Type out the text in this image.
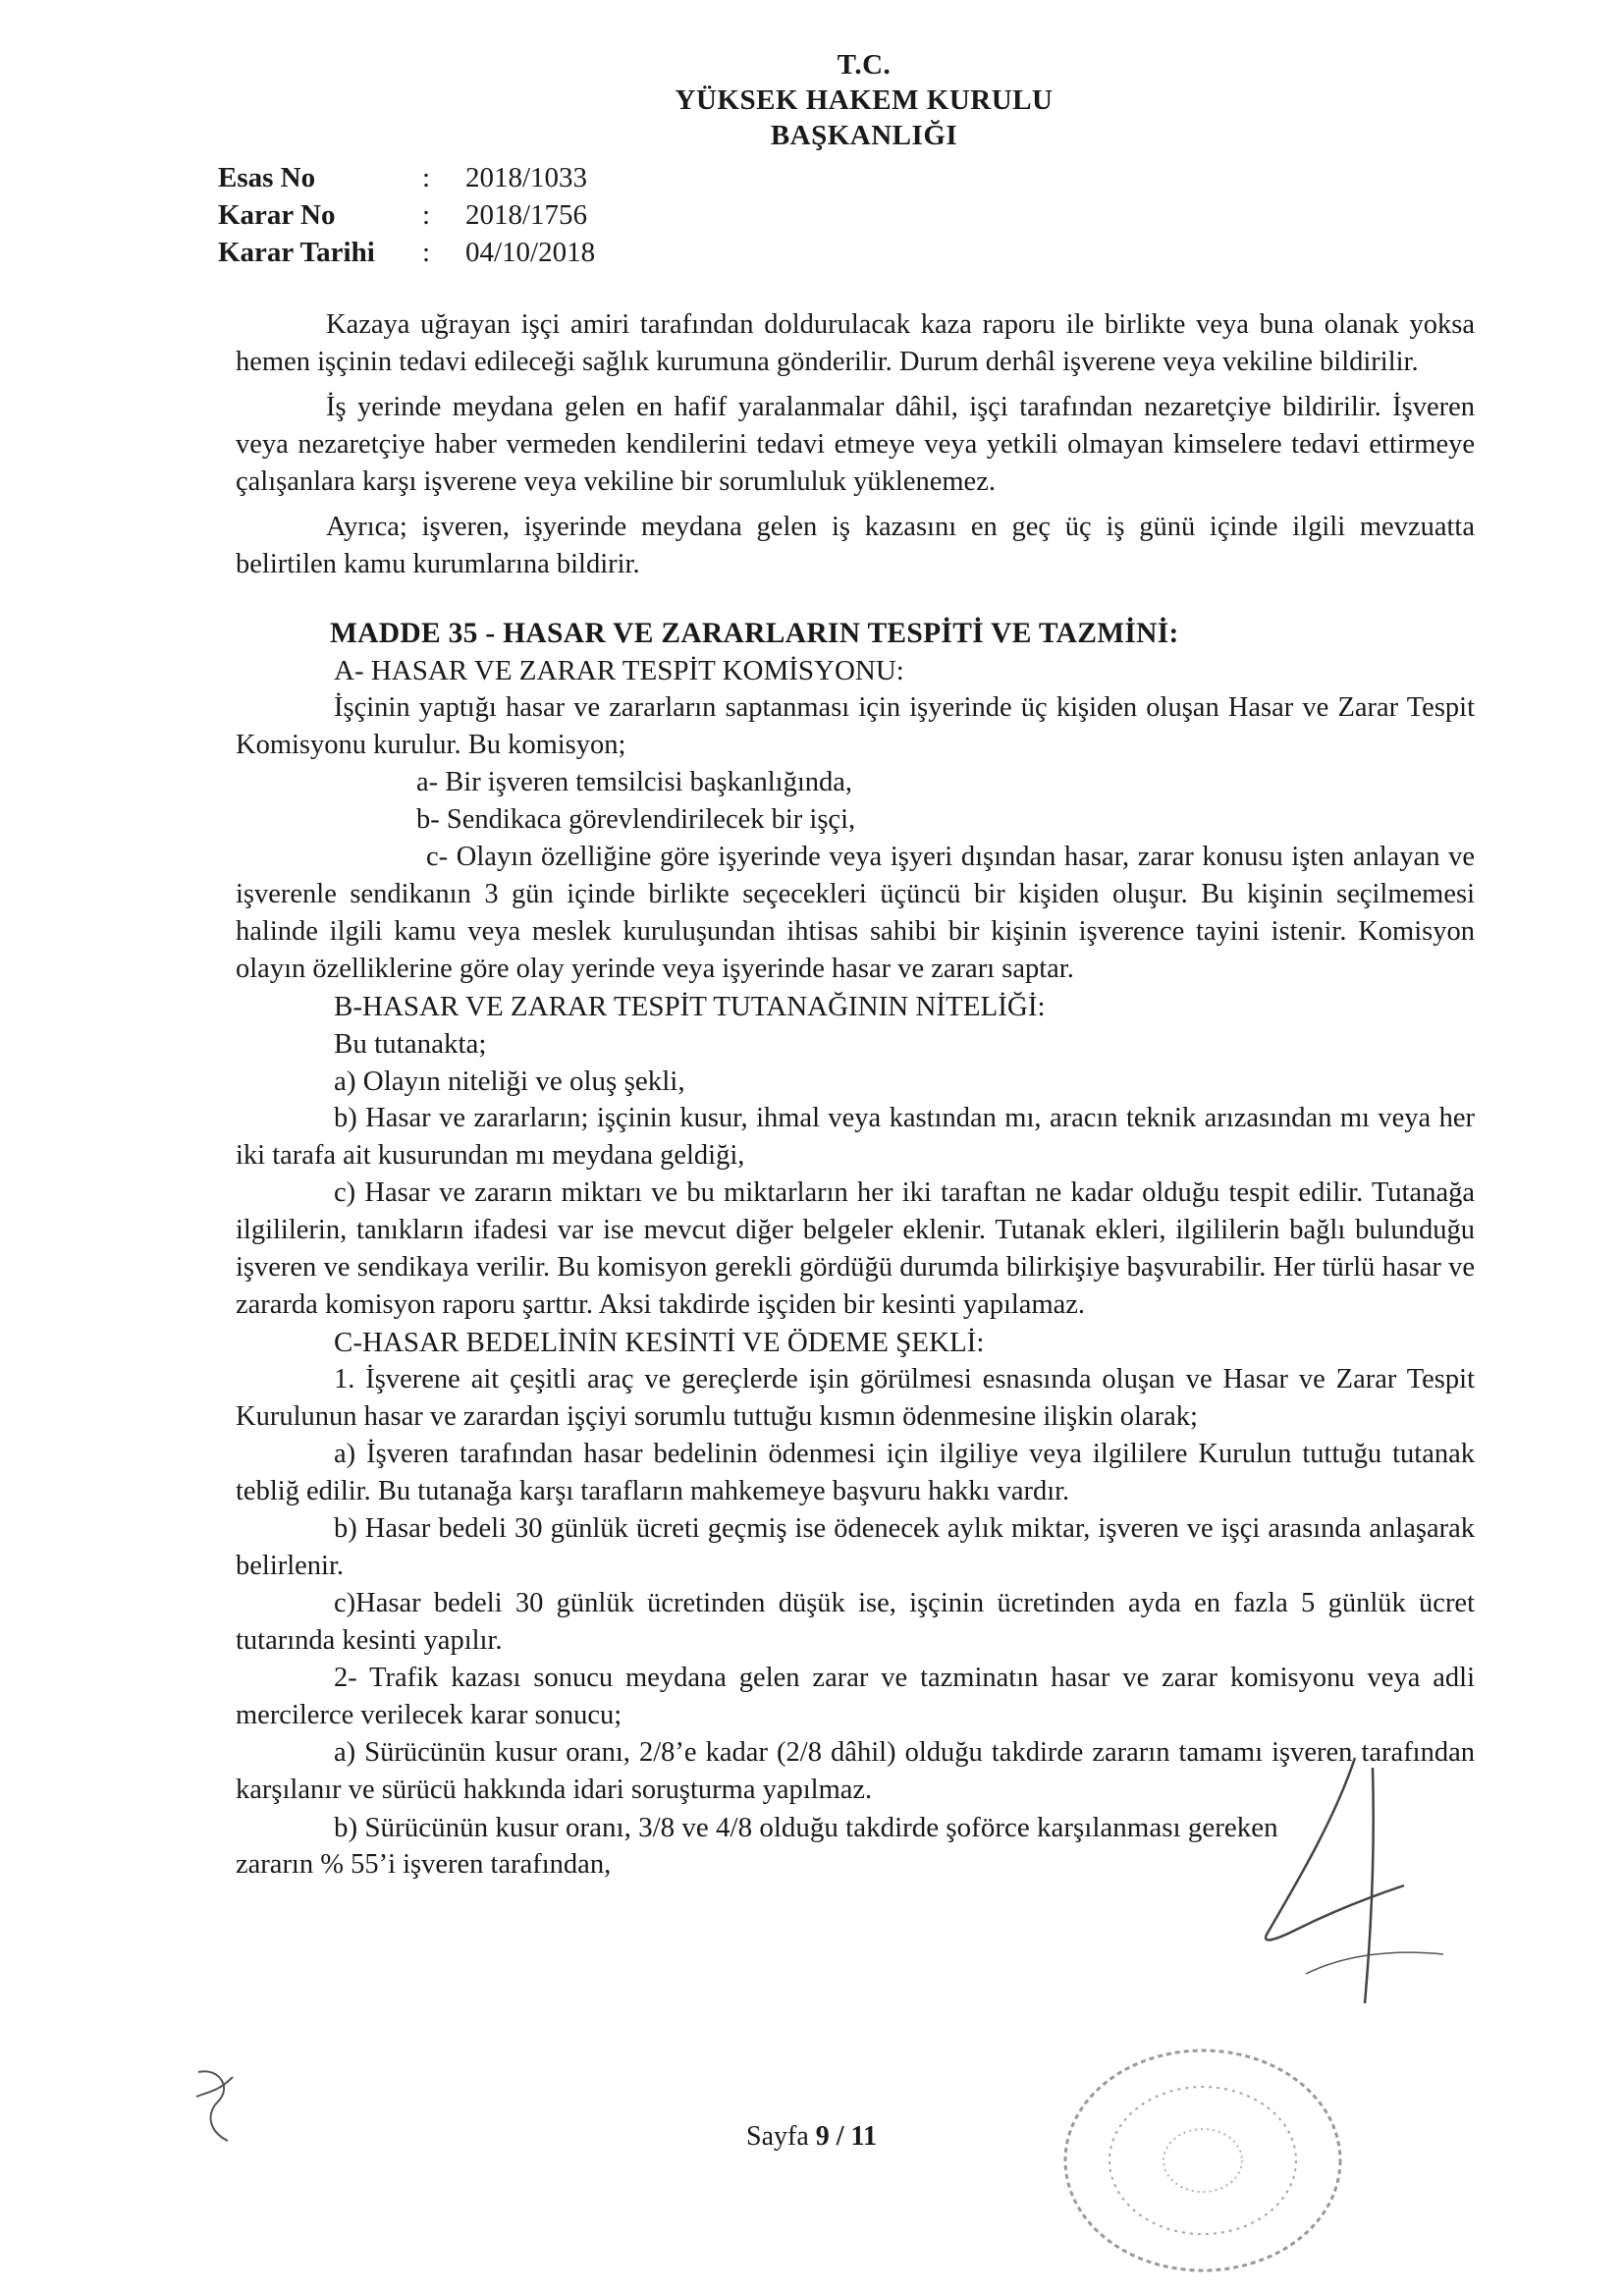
T.C.
YÜKSEK HAKEM KURULU
BAŞKANLIĞI
Esas No	:	2018/1033
Karar No	:	2018/1756
Karar Tarihi	:	04/10/2018

Kazaya uğrayan işçi amiri tarafından doldurulacak kaza raporu ile birlikte veya buna olanak yoksa hemen işçinin tedavi edileceği sağlık kurumuna gönderilir. Durum derhâl işverene veya vekiline bildirilir.

İş yerinde meydana gelen en hafif yaralanmalar dâhil, işçi tarafından nezaretçiye bildirilir. İşveren veya nezaretçiye haber vermeden kendilerini tedavi etmeye veya yetkili olmayan kimselere tedavi ettirmeye çalışanlara karşı işverene veya vekiline bir sorumluluk yüklenemez.

Ayrıca; işveren, işyerinde meydana gelen iş kazasını en geç üç iş günü içinde ilgili mevzuatta belirtilen kamu kurumlarına bildirir.

MADDE 35 - HASAR VE ZARARLARIN TESPİTİ VE TAZMİNİ:
A- HASAR VE ZARAR TESPİT KOMİSYONU:

İşçinin yaptığı hasar ve zararların saptanması için işyerinde üç kişiden oluşan Hasar ve Zarar Tespit Komisyonu kurulur. Bu komisyon;

a- Bir işveren temsilcisi başkanlığında,
b- Sendikaca görevlendirilecek bir işçi,

c- Olayın özelliğine göre işyerinde veya işyeri dışından hasar, zarar konusu işten anlayan ve işverenle sendikanın 3 gün içinde birlikte seçecekleri üçüncü bir kişiden oluşur. Bu kişinin seçilmemesi halinde ilgili kamu veya meslek kuruluşundan ihtisas sahibi bir kişinin işverence tayini istenir. Komisyon olayın özelliklerine göre olay yerinde veya işyerinde hasar ve zararı saptar.

B-HASAR VE ZARAR TESPİT TUTANAĞININ NİTELİĞİ:
Bu tutanakta;
a) Olayın niteliği ve oluş şekli,

b) Hasar ve zararların; işçinin kusur, ihmal veya kastından mı, aracın teknik arızasından mı veya her iki tarafa ait kusurundan mı meydana geldiği,

c) Hasar ve zararın miktarı ve bu miktarların her iki taraftan ne kadar olduğu tespit edilir. Tutanağa ilgililerin, tanıkların ifadesi var ise mevcut diğer belgeler eklenir. Tutanak ekleri, ilgililerin bağlı bulunduğu işveren ve sendikaya verilir. Bu komisyon gerekli gördüğü durumda bilirkişiye başvurabilir. Her türlü hasar ve zararda komisyon raporu şarttır. Aksi takdirde işçiden bir kesinti yapılamaz.

C-HASAR BEDELİNİN KESİNTİ VE ÖDEME ŞEKLİ:

1. İşverene ait çeşitli araç ve gereçlerde işin görülmesi esnasında oluşan ve Hasar ve Zarar Tespit Kurulunun hasar ve zarardan işçiyi sorumlu tuttuğu kısmın ödenmesine ilişkin olarak;

a) İşveren tarafından hasar bedelinin ödenmesi için ilgiliye veya ilgililere Kurulun tuttuğu tutanak tebliğ edilir. Bu tutanağa karşı tarafların mahkemeye başvuru hakkı vardır.

b) Hasar bedeli 30 günlük ücreti geçmiş ise ödenecek aylık miktar, işveren ve işçi arasında anlaşarak belirlenir.

c)Hasar bedeli 30 günlük ücretinden düşük ise, işçinin ücretinden ayda en fazla 5 günlük ücret tutarında kesinti yapılır.

2- Trafik kazası sonucu meydana gelen zarar ve tazminatın hasar ve zarar komisyonu veya adli mercilerce verilecek karar sonucu;

a) Sürücünün kusur oranı, 2/8’e kadar (2/8 dâhil) olduğu takdirde zararın tamamı işveren tarafından karşılanır ve sürücü hakkında idari soruşturma yapılmaz.

b) Sürücünün kusur oranı, 3/8 ve 4/8 olduğu takdirde şoförce karşılanması gereken
zararın % 55’i işveren tarafından,
Sayfa 9 / 11
